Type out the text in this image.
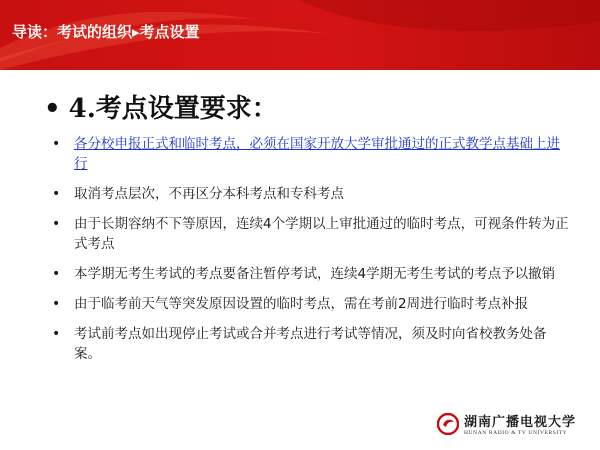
导读：考试的组织▸考点设置
• 4.考点设置要求：
• 各分校申报正式和临时考点，必须在国家开放大学审批通过的正式教学点基础上进行
• 取消考点层次，不再区分本科考点和专科考点
• 由于长期容纳不下等原因，连续4个学期以上审批通过的临时考点，可视条件转为正式考点
• 本学期无考生考试的考点要备注暂停考试，连续4学期无考生考试的考点予以撤销
• 由于临考前天气等突发原因设置的临时考点，需在考前2周进行临时考点补报
• 考试前考点如出现停止考试或合并考点进行考试等情况，须及时向省校教务处备案。
湖南广播电视大学
HUNAN RADIO & TV UNIVERSITY
